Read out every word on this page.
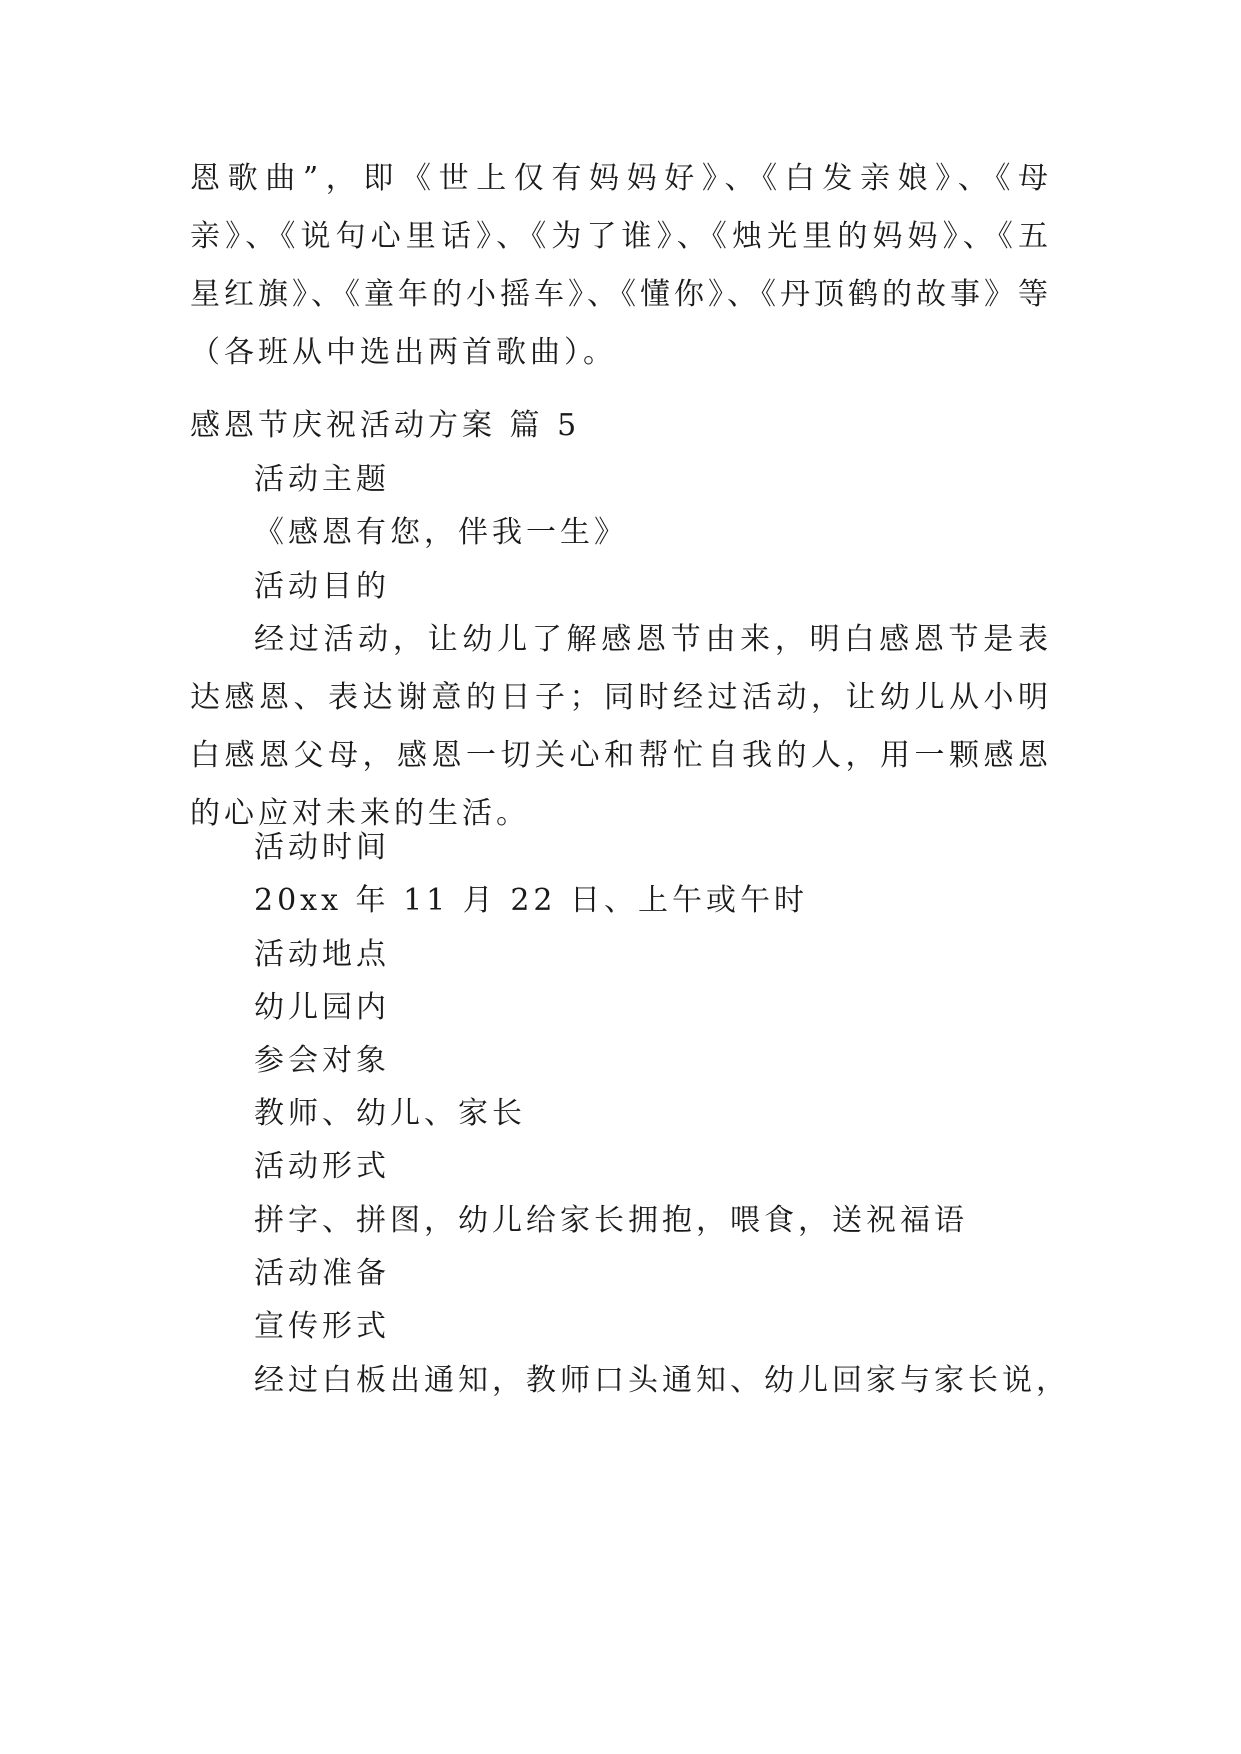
恩歌曲”，即《世上仅有妈妈好》、《白发亲娘》、《母亲》、《说句心里话》、《为了谁》、《烛光里的妈妈》、《五星红旗》、《童年的小摇车》、《懂你》、《丹顶鹤的故事》等（各班从中选出两首歌曲）。

感恩节庆祝活动方案 篇 5
活动主题
《感恩有您，伴我一生》
活动目的

经过活动，让幼儿了解感恩节由来，明白感恩节是表达感恩、表达谢意的日子；同时经过活动，让幼儿从小明白感恩父母，感恩一切关心和帮忙自我的人，用一颗感恩的心应对未来的生活。

活动时间
20xx 年 11 月 22 日、上午或午时
活动地点
幼儿园内
参会对象
教师、幼儿、家长
活动形式
拼字、拼图，幼儿给家长拥抱，喂食，送祝福语
活动准备
宣传形式
经过白板出通知，教师口头通知、幼儿回家与家长说，
